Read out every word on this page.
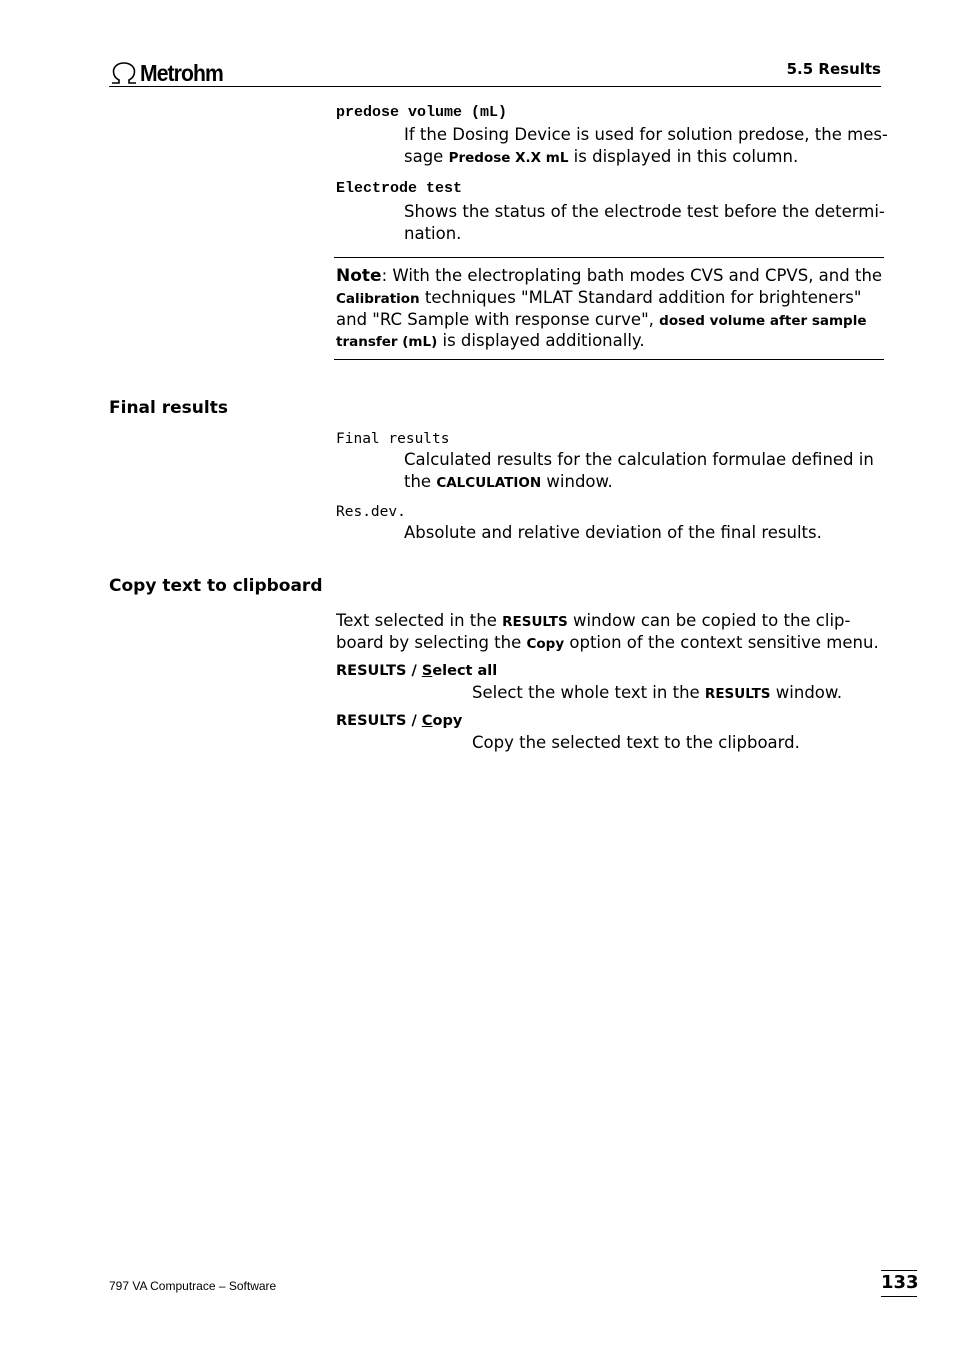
Metrohm	5.5 Results
predose volume (mL)
If the Dosing Device is used for solution predose, the mes-
sage Predose X.X mL is displayed in this column.
Electrode test
Shows the status of the electrode test before the determi-
nation.
Note: With the electroplating bath modes CVS and CPVS, and the
Calibration techniques "MLAT Standard addition for brighteners"
and "RC Sample with response curve", dosed volume after sample
transfer (mL) is displayed additionally.
Final results
Final results
Calculated results for the calculation formulae defined in
the CALCULATION window.
Res.dev.
Absolute and relative deviation of the final results.
Copy text to clipboard
Text selected in the RESULTS window can be copied to the clip-
board by selecting the Copy option of the context sensitive menu.
RESULTS / Select all
Select the whole text in the RESULTS window.
RESULTS / Copy
Copy the selected text to the clipboard.
797 VA Computrace – Software	133
